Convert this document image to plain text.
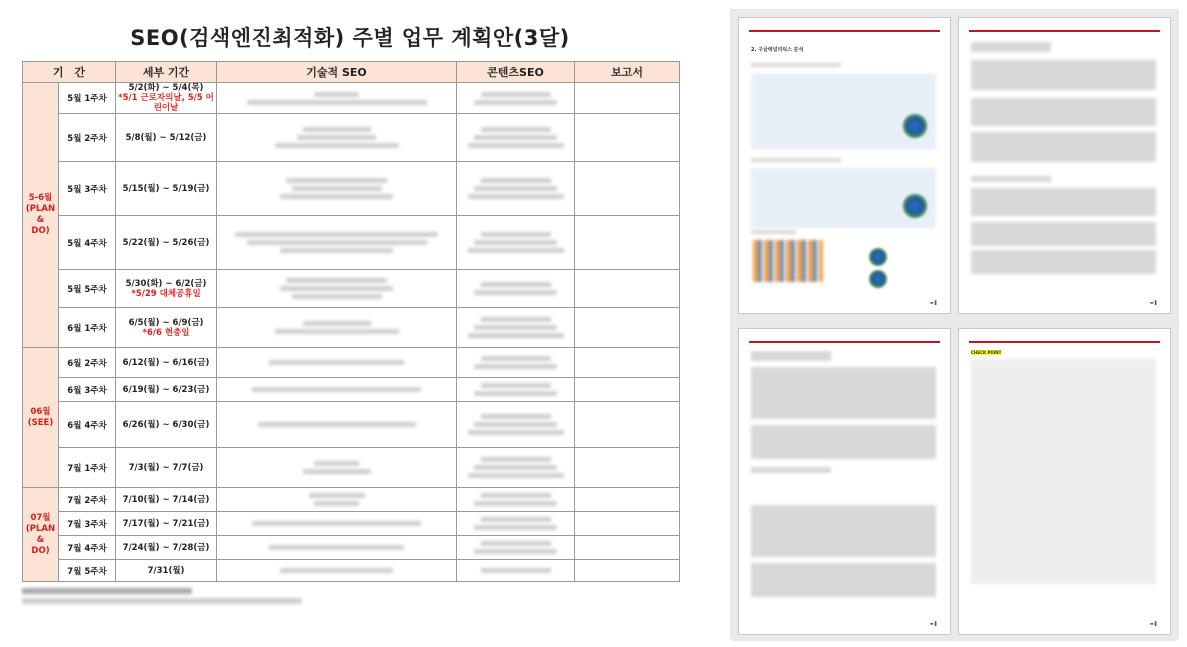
SEO(검색엔진최적화) 주별 업무 계획안(3달)
기　간		세부 기간	기술적 SEO	콘텐츠SEO	보고서
5-6월
(PLAN &
DO)	5월 1주차	5/2(화) ~ 5/4(목)
*5/1 근로자의날, 5/5 어린이날			

	5월 2주차	5/8(월) ~ 5/12(금)	

	5월 3주차	5/15(월) ~ 5/19(금)	

	5월 4주차	5/22(월) ~ 5/26(금)	

	5월 5주차	5/30(화) ~ 6/2(금)
*5/29 대체공휴일			

	6월 1주차	6/5(월) ~ 6/9(금)
*6/6 현충일			

06월
(SEE)	6월 2주차	6/12(월) ~ 6/16(금)	

	6월 3주차	6/19(월) ~ 6/23(금)	

	6월 4주차	6/26(월) ~ 6/30(금)	

	7월 1주차	7/3(월) ~ 7/7(금)	

07월
(PLAN &
DO)	7월 2주차	7/10(월) ~ 7/14(금)	

	7월 3주차	7/17(월) ~ 7/21(금)	

	7월 4주차	7/24(월) ~ 7/28(금)	

	7월 5주차	7/31(월)	

2. 구글애널리틱스 분석
▬ ▌	▬ ▌
▬ ▌
CHECK POINT
▬ ▌
